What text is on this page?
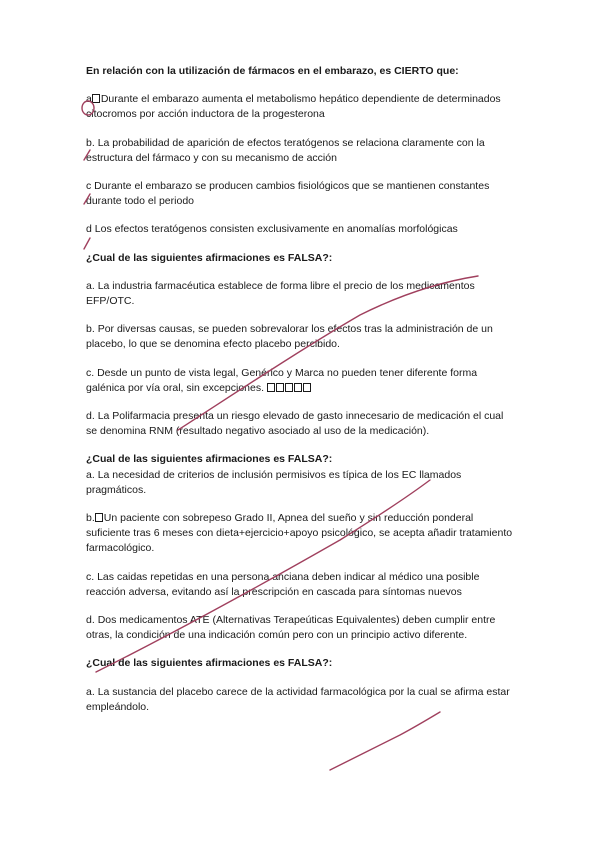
En relación con la utilización de fármacos en el embarazo, es CIERTO que:

a Durante el embarazo aumenta el metabolismo hepático dependiente de determinados citocromos por acción inductora de la progesterona

b. La probabilidad de aparición de efectos teratógenos se relaciona claramente con la estructura del fármaco y con su mecanismo de acción

c Durante el embarazo se producen cambios fisiológicos que se mantienen constantes durante todo el periodo

d Los efectos teratógenos consisten exclusivamente en anomalías morfológicas

¿Cual de las siguientes afirmaciones es FALSA?:

a. La industria farmacéutica establece de forma libre el precio de los medicamentos EFP/OTC.

b. Por diversas causas, se pueden sobrevalorar los efectos tras la administración de un placebo, lo que se denomina efecto placebo percibido.

c. Desde un punto de vista legal, Genérico y Marca no pueden tener diferente forma galénica por vía oral, sin excepciones.

d. La Polifarmacia presenta un riesgo elevado de gasto innecesario de medicación el cual se denomina RNM (resultado negativo asociado al uso de la medicación).

¿Cual de las siguientes afirmaciones es FALSA?:

a. La necesidad de criterios de inclusión permisivos es típica de los EC llamados pragmáticos.

b. Un paciente con sobrepeso Grado II, Apnea del sueño y sin reducción ponderal suficiente tras 6 meses con dieta+ejercicio+apoyo psicológico, se acepta añadir tratamiento farmacológico.

c. Las caidas repetidas en una persona anciana deben indicar al médico una posible reacción adversa, evitando así la prescripción en cascada para síntomas nuevos

d. Dos medicamentos ATE (Alternativas Terapeúticas Equivalentes) deben cumplir entre otras, la condición de una indicación común pero con un principio activo diferente.

¿Cual de las siguientes afirmaciones es FALSA?:

a. La sustancia del placebo carece de la actividad farmacológica por la cual se afirma estar empleándolo.
